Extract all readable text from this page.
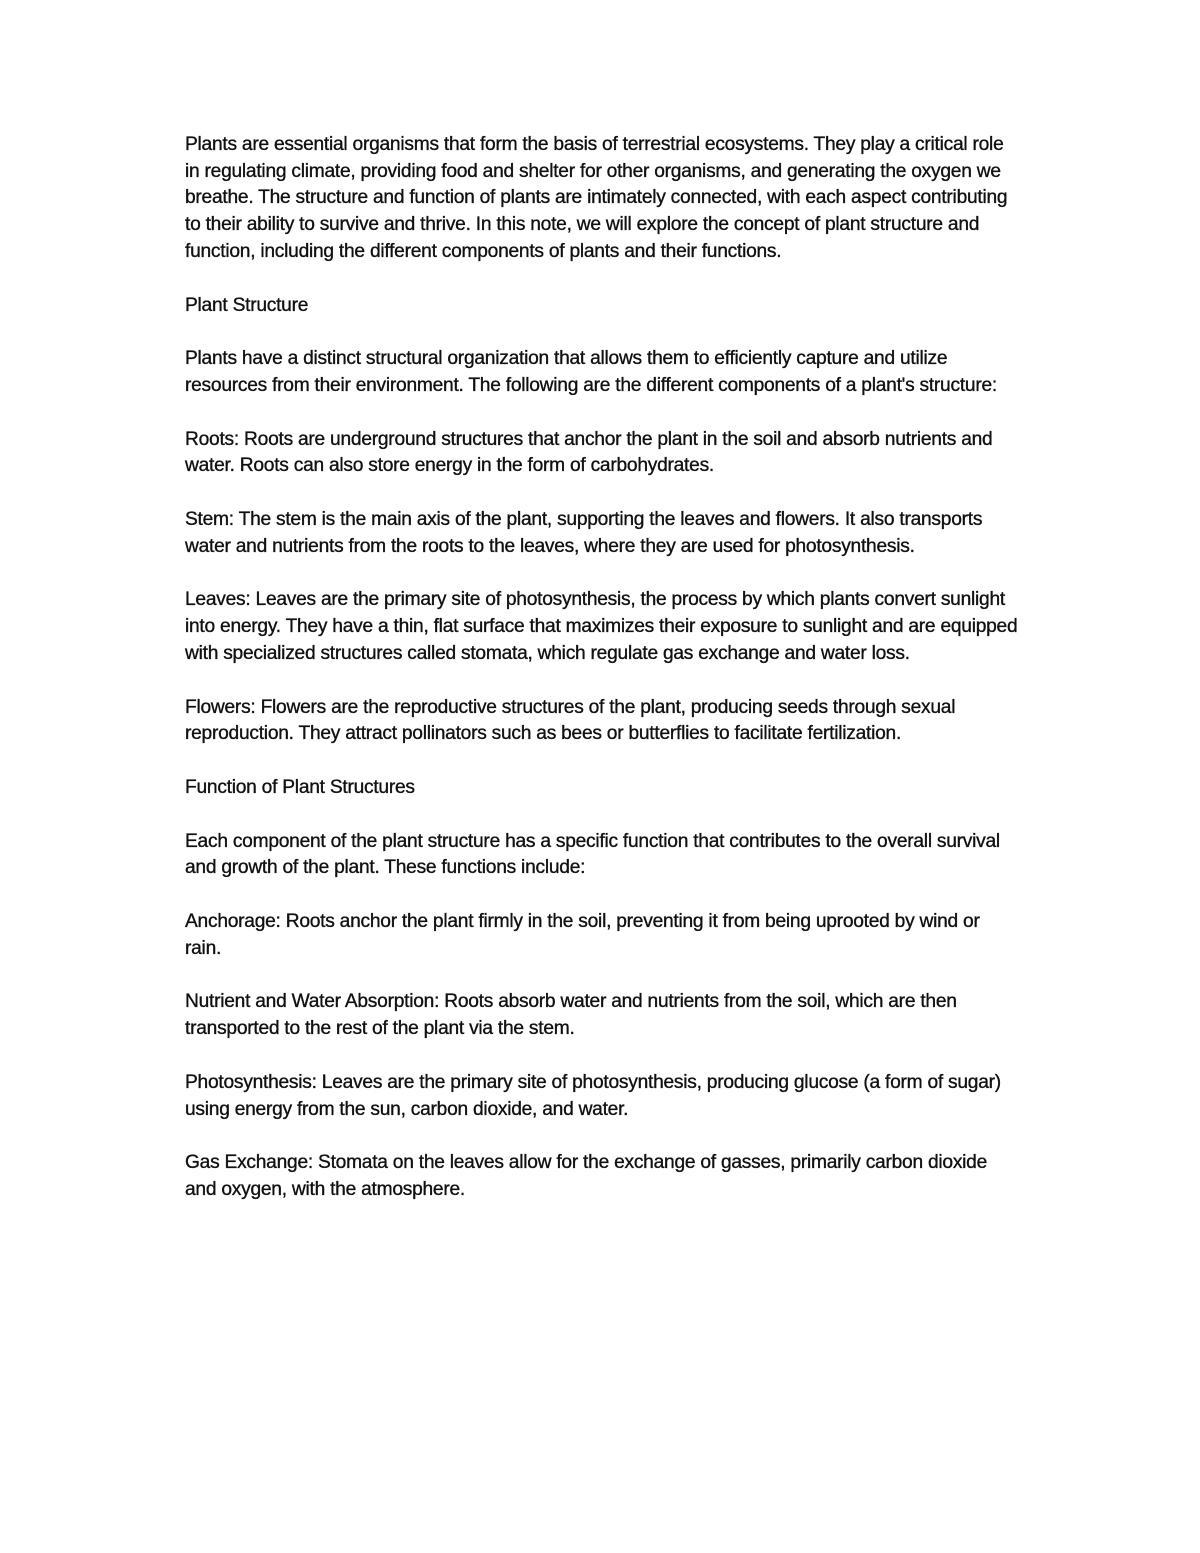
Plants are essential organisms that form the basis of terrestrial ecosystems. They play a critical role in regulating climate, providing food and shelter for other organisms, and generating the oxygen we breathe. The structure and function of plants are intimately connected, with each aspect contributing to their ability to survive and thrive. In this note, we will explore the concept of plant structure and function, including the different components of plants and their functions.

Plant Structure

Plants have a distinct structural organization that allows them to efficiently capture and utilize resources from their environment. The following are the different components of a plant's structure:

Roots: Roots are underground structures that anchor the plant in the soil and absorb nutrients and water. Roots can also store energy in the form of carbohydrates.

Stem: The stem is the main axis of the plant, supporting the leaves and flowers. It also transports water and nutrients from the roots to the leaves, where they are used for photosynthesis.

Leaves: Leaves are the primary site of photosynthesis, the process by which plants convert sunlight into energy. They have a thin, flat surface that maximizes their exposure to sunlight and are equipped with specialized structures called stomata, which regulate gas exchange and water loss.

Flowers: Flowers are the reproductive structures of the plant, producing seeds through sexual reproduction. They attract pollinators such as bees or butterflies to facilitate fertilization.

Function of Plant Structures

Each component of the plant structure has a specific function that contributes to the overall survival and growth of the plant. These functions include:

Anchorage: Roots anchor the plant firmly in the soil, preventing it from being uprooted by wind or rain.

Nutrient and Water Absorption: Roots absorb water and nutrients from the soil, which are then transported to the rest of the plant via the stem.

Photosynthesis: Leaves are the primary site of photosynthesis, producing glucose (a form of sugar) using energy from the sun, carbon dioxide, and water.

Gas Exchange: Stomata on the leaves allow for the exchange of gasses, primarily carbon dioxide and oxygen, with the atmosphere.
